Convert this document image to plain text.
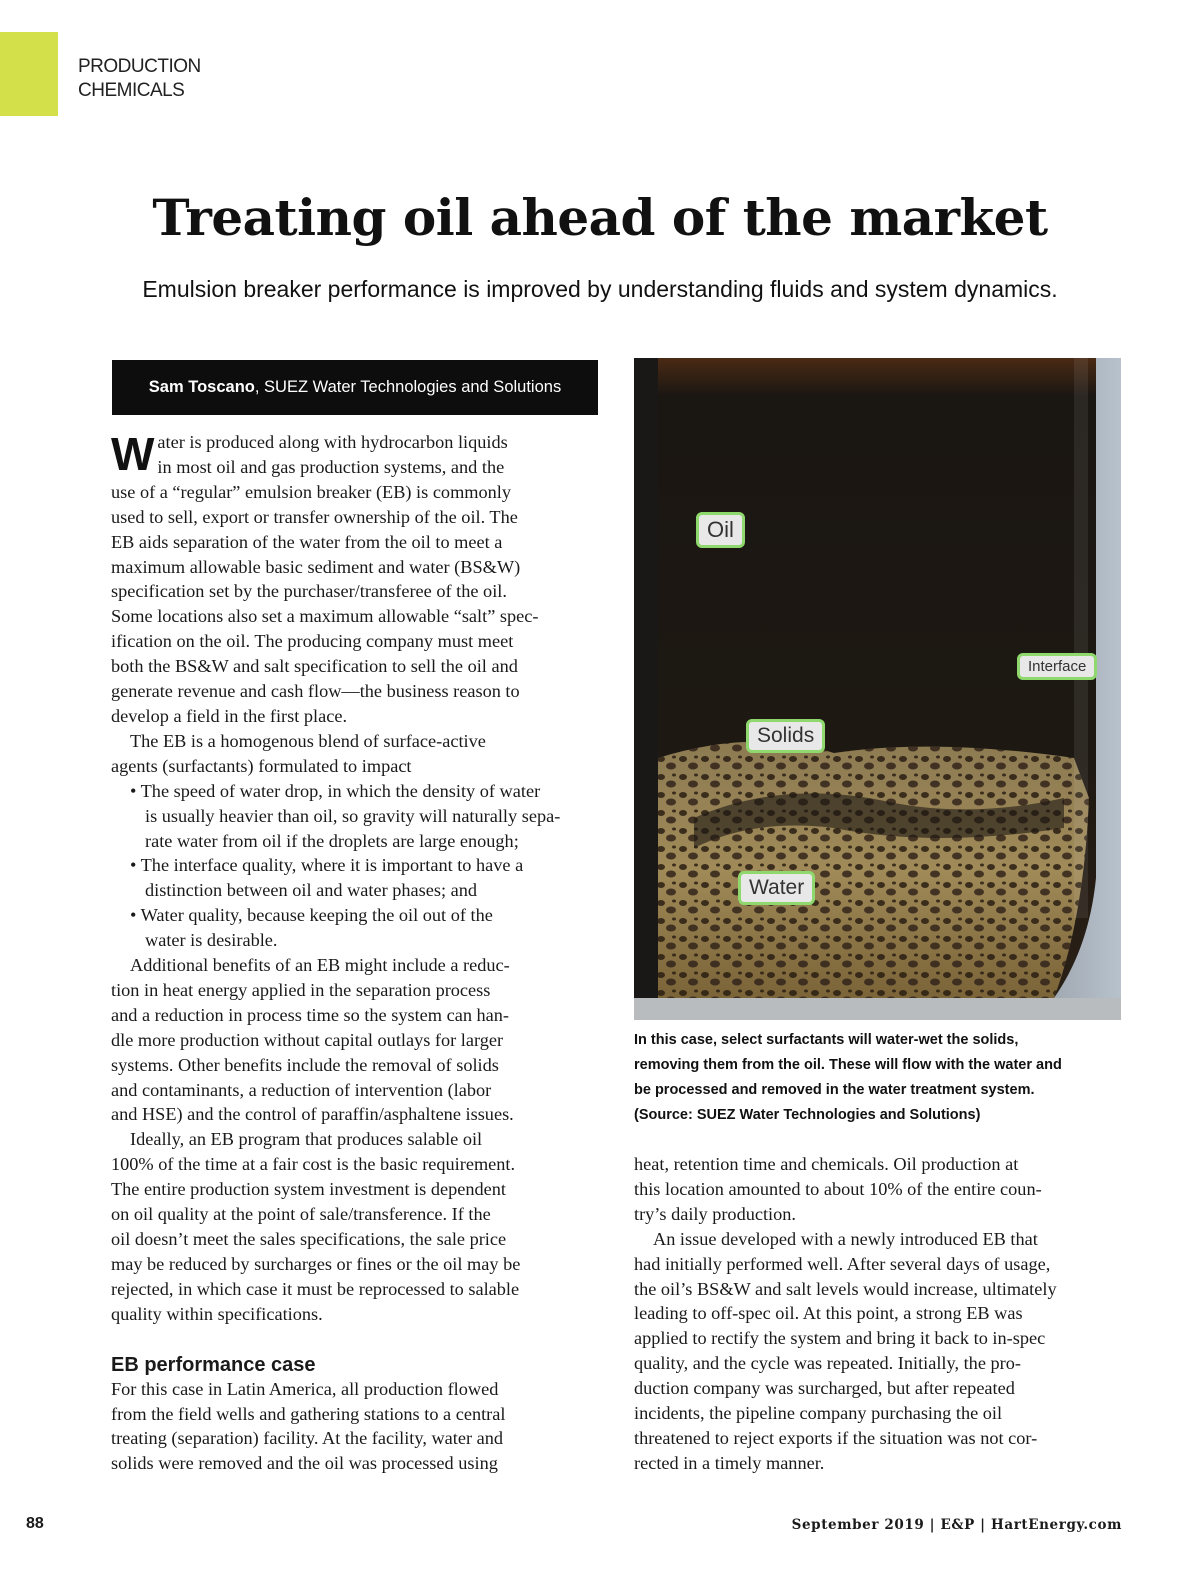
PRODUCTION
CHEMICALS
Treating oil ahead of the market

Emulsion breaker performance is improved by understanding fluids and system dynamics.

Sam Toscano , SUEZ Water Technologies and Solutions
W ater is produced along with hydrocarbon liquids

in most oil and gas production systems, and the

use of a “regular” emulsion breaker (EB) is commonly

used to sell, export or transfer ownership of the oil. The

EB aids separation of the water from the oil to meet a

maximum allowable basic sediment and water (BS&W)

specification set by the purchaser/transferee of the oil.

Some locations also set a maximum allowable “salt” spec-

ification on the oil. The producing company must meet

both the BS&W and salt specification to sell the oil and

generate revenue and cash flow—the business reason to

develop a field in the first place.

The EB is a homogenous blend of surface-active

agents (surfactants) formulated to impact

• The speed of water drop, in which the density of water

is usually heavier than oil, so gravity will naturally sepa-

rate water from oil if the droplets are large enough;

• The interface quality, where it is important to have a

distinction between oil and water phases; and

• Water quality, because keeping the oil out of the

water is desirable.

Additional benefits of an EB might include a reduc-

tion in heat energy applied in the separation process

and a reduction in process time so the system can han-

dle more production without capital outlays for larger

systems. Other benefits include the removal of solids

and contaminants, a reduction of intervention (labor

and HSE) and the control of paraffin/asphaltene issues.

Ideally, an EB program that produces salable oil

100% of the time at a fair cost is the basic requirement.

The entire production system investment is dependent

on oil quality at the point of sale/transference. If the

oil doesn’t meet the sales specifications, the sale price

may be reduced by surcharges or fines or the oil may be

rejected, in which case it must be reprocessed to salable

quality within specifications.

EB performance case

For this case in Latin America, all production flowed

from the field wells and gathering stations to a central

treating (separation) facility. At the facility, water and

solids were removed and the oil was processed using

Oil
Interface
Solids
Water
In this case, select surfactants will water-wet the solids,
removing them from the oil. These will flow with the water and
be processed and removed in the water treatment system.
(Source: SUEZ Water Technologies and Solutions)

heat, retention time and chemicals. Oil production at

this location amounted to about 10% of the entire coun-

try’s daily production.

An issue developed with a newly introduced EB that

had initially performed well. After several days of usage,

the oil’s BS&W and salt levels would increase, ultimately

leading to off-spec oil. At this point, a strong EB was

applied to rectify the system and bring it back to in-spec

quality, and the cycle was repeated. Initially, the pro-

duction company was surcharged, but after repeated

incidents, the pipeline company purchasing the oil

threatened to reject exports if the situation was not cor-

rected in a timely manner.

88	September 2019 | E&P | HartEnergy.com
